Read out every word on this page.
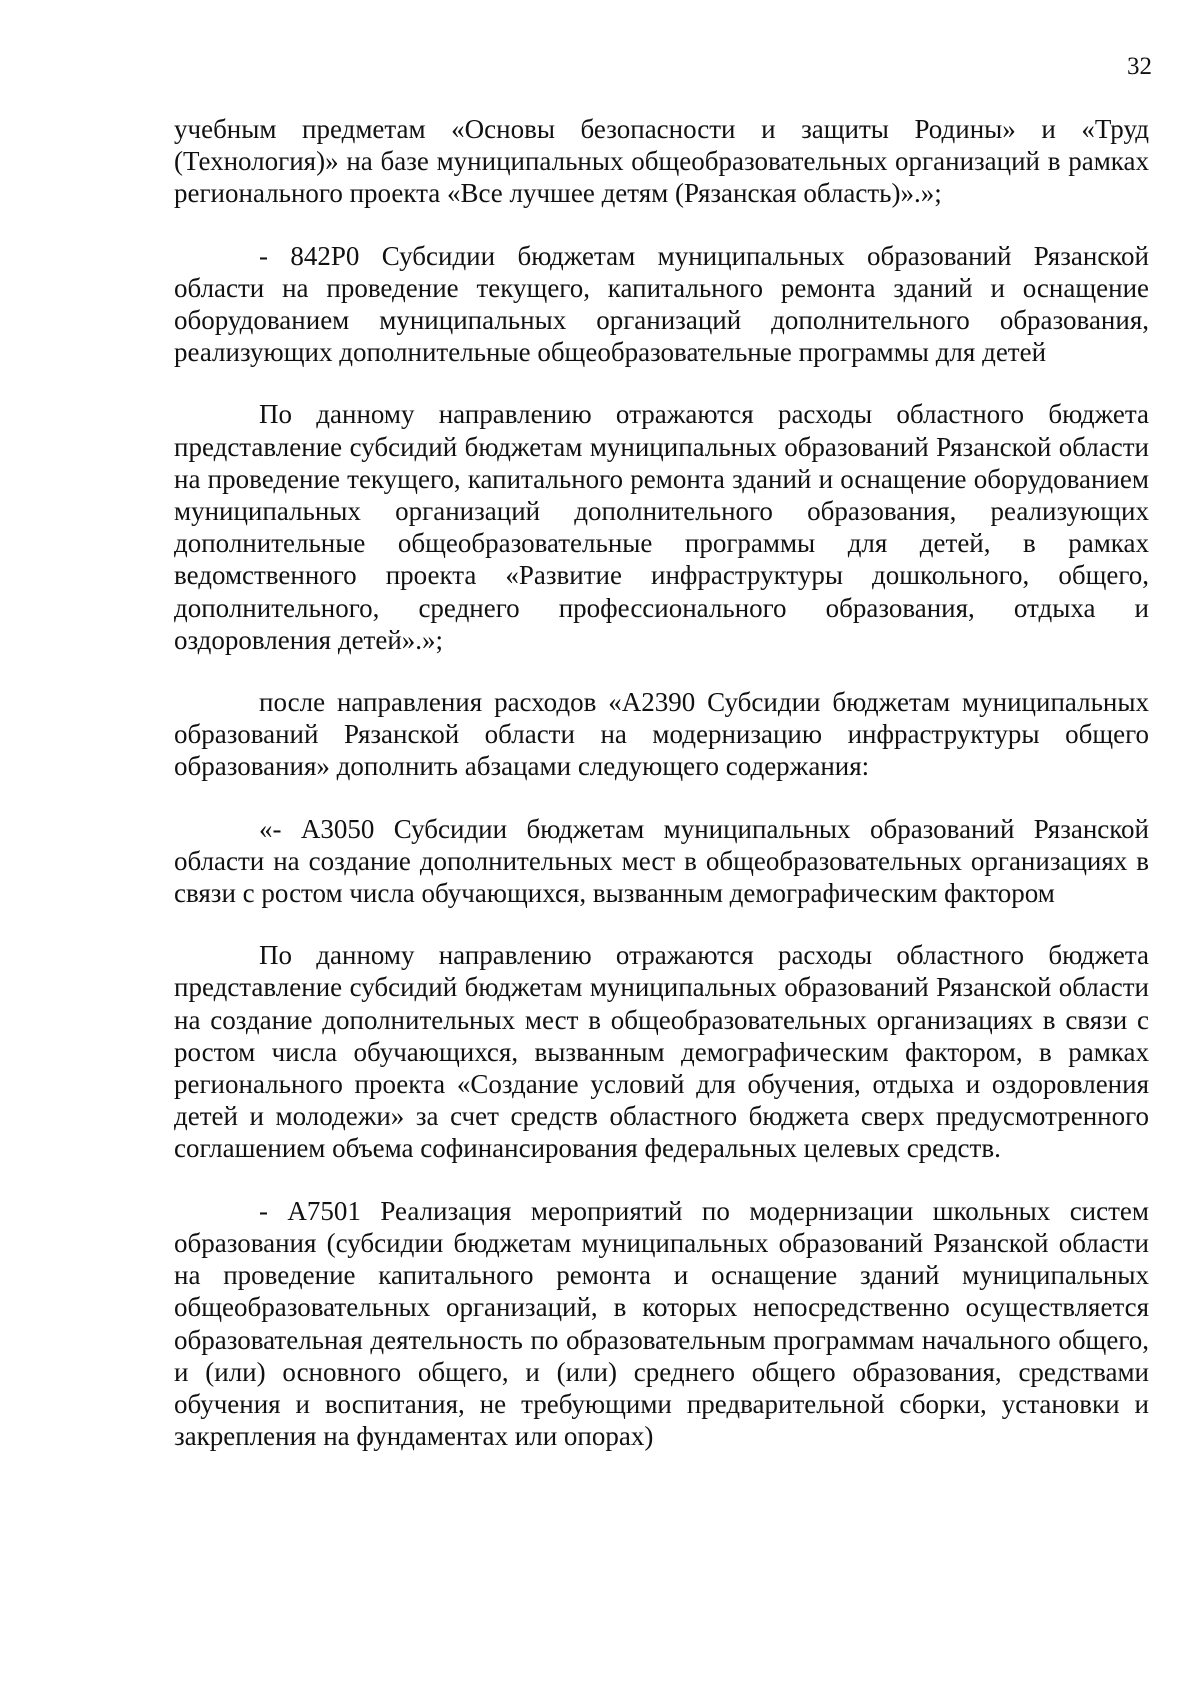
32

учебным предметам «Основы безопасности и защиты Родины» и «Труд (Технология)» на базе муниципальных общеобразовательных организаций в рамках регионального проекта «Все лучшее детям (Рязанская область)».»;

- 842Р0 Субсидии бюджетам муниципальных образований Рязанской области на проведение текущего, капитального ремонта зданий и оснащение оборудованием муниципальных организаций дополнительного образования, реализующих дополнительные общеобразовательные программы для детей

По данному направлению отражаются расходы областного бюджета представление субсидий бюджетам муниципальных образований Рязанской области на проведение текущего, капитального ремонта зданий и оснащение оборудованием муниципальных организаций дополнительного образования, реализующих дополнительные общеобразовательные программы для детей, в рамках ведомственного проекта «Развитие инфраструктуры дошкольного, общего, дополнительного, среднего профессионального образования, отдыха и оздоровления детей».»;

после направления расходов «А2390 Субсидии бюджетам муниципальных образований Рязанской области на модернизацию инфраструктуры общего образования» дополнить абзацами следующего содержания:

«- А3050 Субсидии бюджетам муниципальных образований Рязанской области на создание дополнительных мест в общеобразовательных организациях в связи с ростом числа обучающихся, вызванным демографическим фактором

По данному направлению отражаются расходы областного бюджета представление субсидий бюджетам муниципальных образований Рязанской области на создание дополнительных мест в общеобразовательных организациях в связи с ростом числа обучающихся, вызванным демографическим фактором, в рамках регионального проекта «Создание условий для обучения, отдыха и оздоровления детей и молодежи» за счет средств областного бюджета сверх предусмотренного соглашением объема софинансирования федеральных целевых средств.

- А7501 Реализация мероприятий по модернизации школьных систем образования (субсидии бюджетам муниципальных образований Рязанской области на проведение капитального ремонта и оснащение зданий муниципальных общеобразовательных организаций, в которых непосредственно осуществляется образовательная деятельность по образовательным программам начального общего, и (или) основного общего, и (или) среднего общего образования, средствами обучения и воспитания, не требующими предварительной сборки, установки и закрепления на фундаментах или опорах)
